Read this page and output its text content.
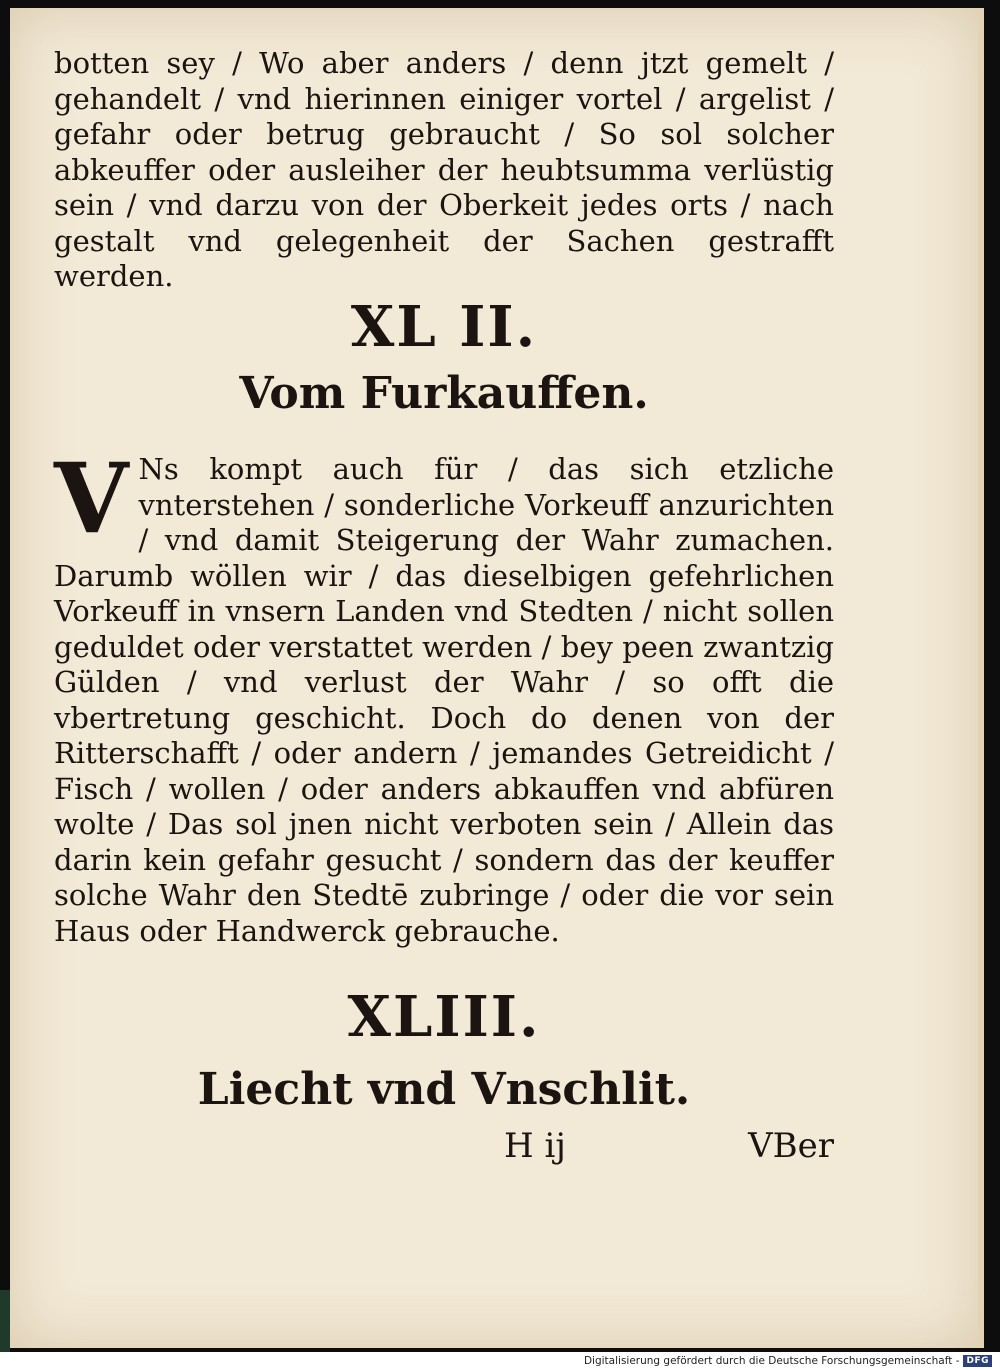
botten sey / Wo aber anders / denn jtzt gemelt / gehandelt / vnd hierinnen einiger vortel / argelist / gefahr oder betrug gebraucht / So sol solcher abkeuffer oder ausleiher der heubtsumma verlüstig sein / vnd darzu von der Oberkeit jedes orts / nach gestalt vnd gelegenheit der Sachen gestrafft werden.

XL II.
Vom Furkauffen.

V Ns kompt auch für / das sich etzliche vnterstehen / sonderliche Vorkeuff anzurichten / vnd damit Steigerung der Wahr zumachen. Darumb wöllen wir / das dieselbigen gefehrlichen Vorkeuff in vnsern Landen vnd Stedten / nicht sollen geduldet oder verstattet werden / bey peen zwantzig Gülden / vnd verlust der Wahr / so offt die vbertretung geschicht. Doch do denen von der Ritterschafft / oder andern / jemandes Getreidicht / Fisch / wollen / oder anders abkauffen vnd abfüren wolte / Das sol jnen nicht verboten sein / Allein das darin kein gefahr gesucht / sondern das der keuffer solche Wahr den Stedtē zubringe / oder die vor sein Haus oder Handwerck gebrauche.

XLIII.
Liecht vnd Vnschlit.
H ij	VBer
Digitalisierung gefördert durch die Deutsche Forschungsgemeinschaft - DFG
